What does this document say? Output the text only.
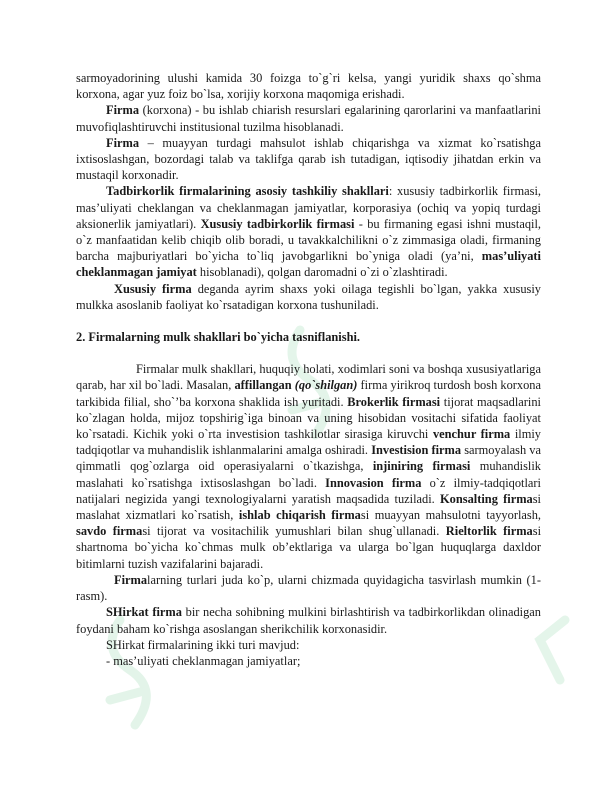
sarmoyadorining ulushi kamida 30 foizga to`g`ri kelsa, yangi yuridik shaxs qo`shma korxona, agar yuz foiz bo`lsa, xorijiy korxona maqomiga erishadi.

Firma (korxona) - bu ishlab chiarish resurslari egalarining qarorlarini va manfaatlarini muvofiqlashtiruvchi institusional tuzilma hisoblanadi.

Firma – muayyan turdagi mahsulot ishlab chiqarishga va xizmat ko`rsatishga ixtisoslashgan, bozordagi talab va taklifga qarab ish tutadigan, iqtisodiy jihatdan erkin va mustaqil korxonadir.

Tadbirkorlik firmalarining asosiy tashkiliy shakllari: xususiy tadbirkorlik firmasi, mas’uliyati cheklangan va cheklanmagan jamiyatlar, korporasiya (ochiq va yopiq turdagi aksionerlik jamiyatlari). Xususiy tadbirkorlik firmasi - bu firmaning egasi ishni mustaqil, o`z manfaatidan kelib chiqib olib boradi, u tavakkalchilikni o`z zimmasiga oladi, firmaning barcha majburiyatlari bo`yicha to`liq javobgarlikni bo`yniga oladi (ya’ni, mas’uliyati cheklanmagan jamiyat hisoblanadi), qolgan daromadni o`zi o`zlashtiradi.

Xususiy firma deganda ayrim shaxs yoki oilaga tegishli bo`lgan, yakka xususiy mulkka asoslanib faoliyat ko`rsatadigan korxona tushuniladi.

2. Firmalarning mulk shakllari bo`yicha tasniflanishi.

Firmalar mulk shakllari, huquqiy holati, xodimlari soni va boshqa xususiyatlariga qarab, har xil bo`ladi. Masalan, affillangan (qo`shilgan) firma yirikroq turdosh bosh korxona tarkibida filial, sho`’ba korxona shaklida ish yuritadi. Brokerlik firmasi tijorat maqsadlarini ko`zlagan holda, mijoz topshirig`iga binoan va uning hisobidan vositachi sifatida faoliyat ko`rsatadi. Kichik yoki o`rta investision tashkilotlar sirasiga kiruvchi venchur firma ilmiy tadqiqotlar va muhandislik ishlanmalarini amalga oshiradi. Investision firma sarmoyalash va qimmatli qog`ozlarga oid operasiyalarni o`tkazishga, injiniring firmasi muhandislik maslahati ko`rsatishga ixtisoslashgan bo`ladi. Innovasion firma o`z ilmiy-tadqiqotlari natijalari negizida yangi texnologiyalarni yaratish maqsadida tuziladi. Konsalting firmasi maslahat xizmatlari ko`rsatish, ishlab chiqarish firmasi muayyan mahsulotni tayyorlash, savdo firmasi tijorat va vositachilik yumushlari bilan shug`ullanadi. Rieltorlik firmasi shartnoma bo`yicha ko`chmas mulk ob’ektlariga va ularga bo`lgan huquqlarga daxldor bitimlarni tuzish vazifalarini bajaradi.

Firmalarning turlari juda ko`p, ularni chizmada quyidagicha tasvirlash mumkin (1-rasm).

SHirkat firma bir necha sohibning mulkini birlashtirish va tadbirkorlikdan olinadigan foydani baham ko`rishga asoslangan sherikchilik korxonasidir.

SHirkat firmalarining ikki turi mavjud:

- mas’uliyati cheklanmagan jamiyatlar;
